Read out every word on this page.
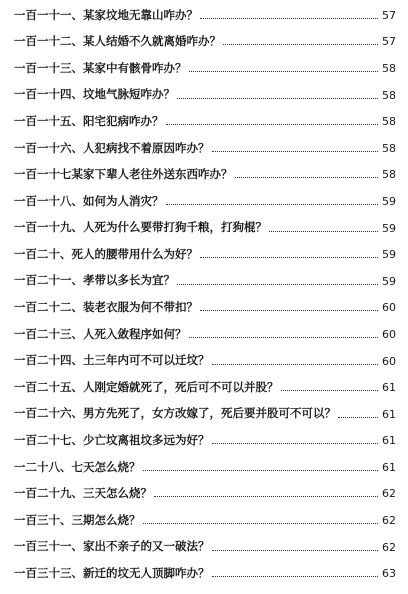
一百一十一、 某家坟地无靠山咋办？	57
一百一十二、 某人结婚不久就离婚咋办？	57
一百一十三、 某家中有骸骨咋办？	58
一百一十四、 坟地气脉短咋办？	58
一百一十五、 阳宅犯病咋办？	58
一百一十六、 人犯病找不着原因咋办？	58
一百一十七 某家下辈人老往外送东西咋办？	58
一百一十八、 如何为人消灾？	59
一百一十九、 人死为什么要带打狗千粮，打狗棍？	59
一百二十、 死人的腰带用什么为好？	59
一百二十一、 孝带以多长为宜？	59
一百二十二、 装老衣服为何不带扣？	60
一百二十三、 人死入敛程序如何？	60
一百二十四、 土三年内可不可以迁坟？	60
一百二十五、 人刚定婚就死了，死后可不可以并股？	61
一百二十六、 男方先死了，女方改嫁了，死后要并股可不可以？	61
一百二十七、 少亡坟离祖坟多远为好？	61
一二十八、 七天怎么烧？	61
一百二十九、 三天怎么烧？	62
一百三十、 三期怎么烧？	62
一百三十一、 家出不亲子的又一破法？	62
一百三十三、 新迁的坟无人顶脚咋办？	63
